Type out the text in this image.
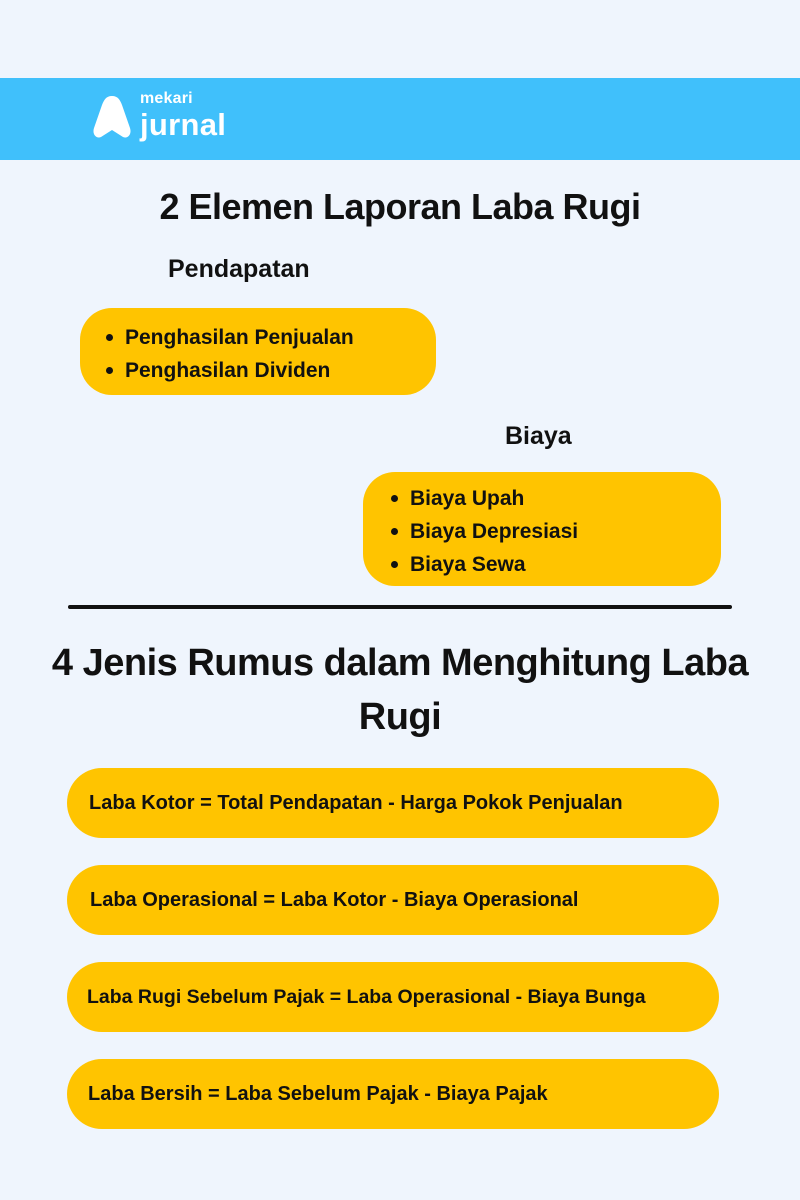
mekari
jurnal
2 Elemen Laporan Laba Rugi
Pendapatan
Penghasilan Penjualan
Penghasilan Dividen
Biaya
Biaya Upah
Biaya Depresiasi
Biaya Sewa
4 Jenis Rumus dalam Menghitung Laba Rugi
Laba Kotor = Total Pendapatan - Harga Pokok Penjualan
Laba Operasional = Laba Kotor - Biaya Operasional
Laba Rugi Sebelum Pajak = Laba Operasional - Biaya Bunga
Laba Bersih = Laba Sebelum Pajak - Biaya Pajak
